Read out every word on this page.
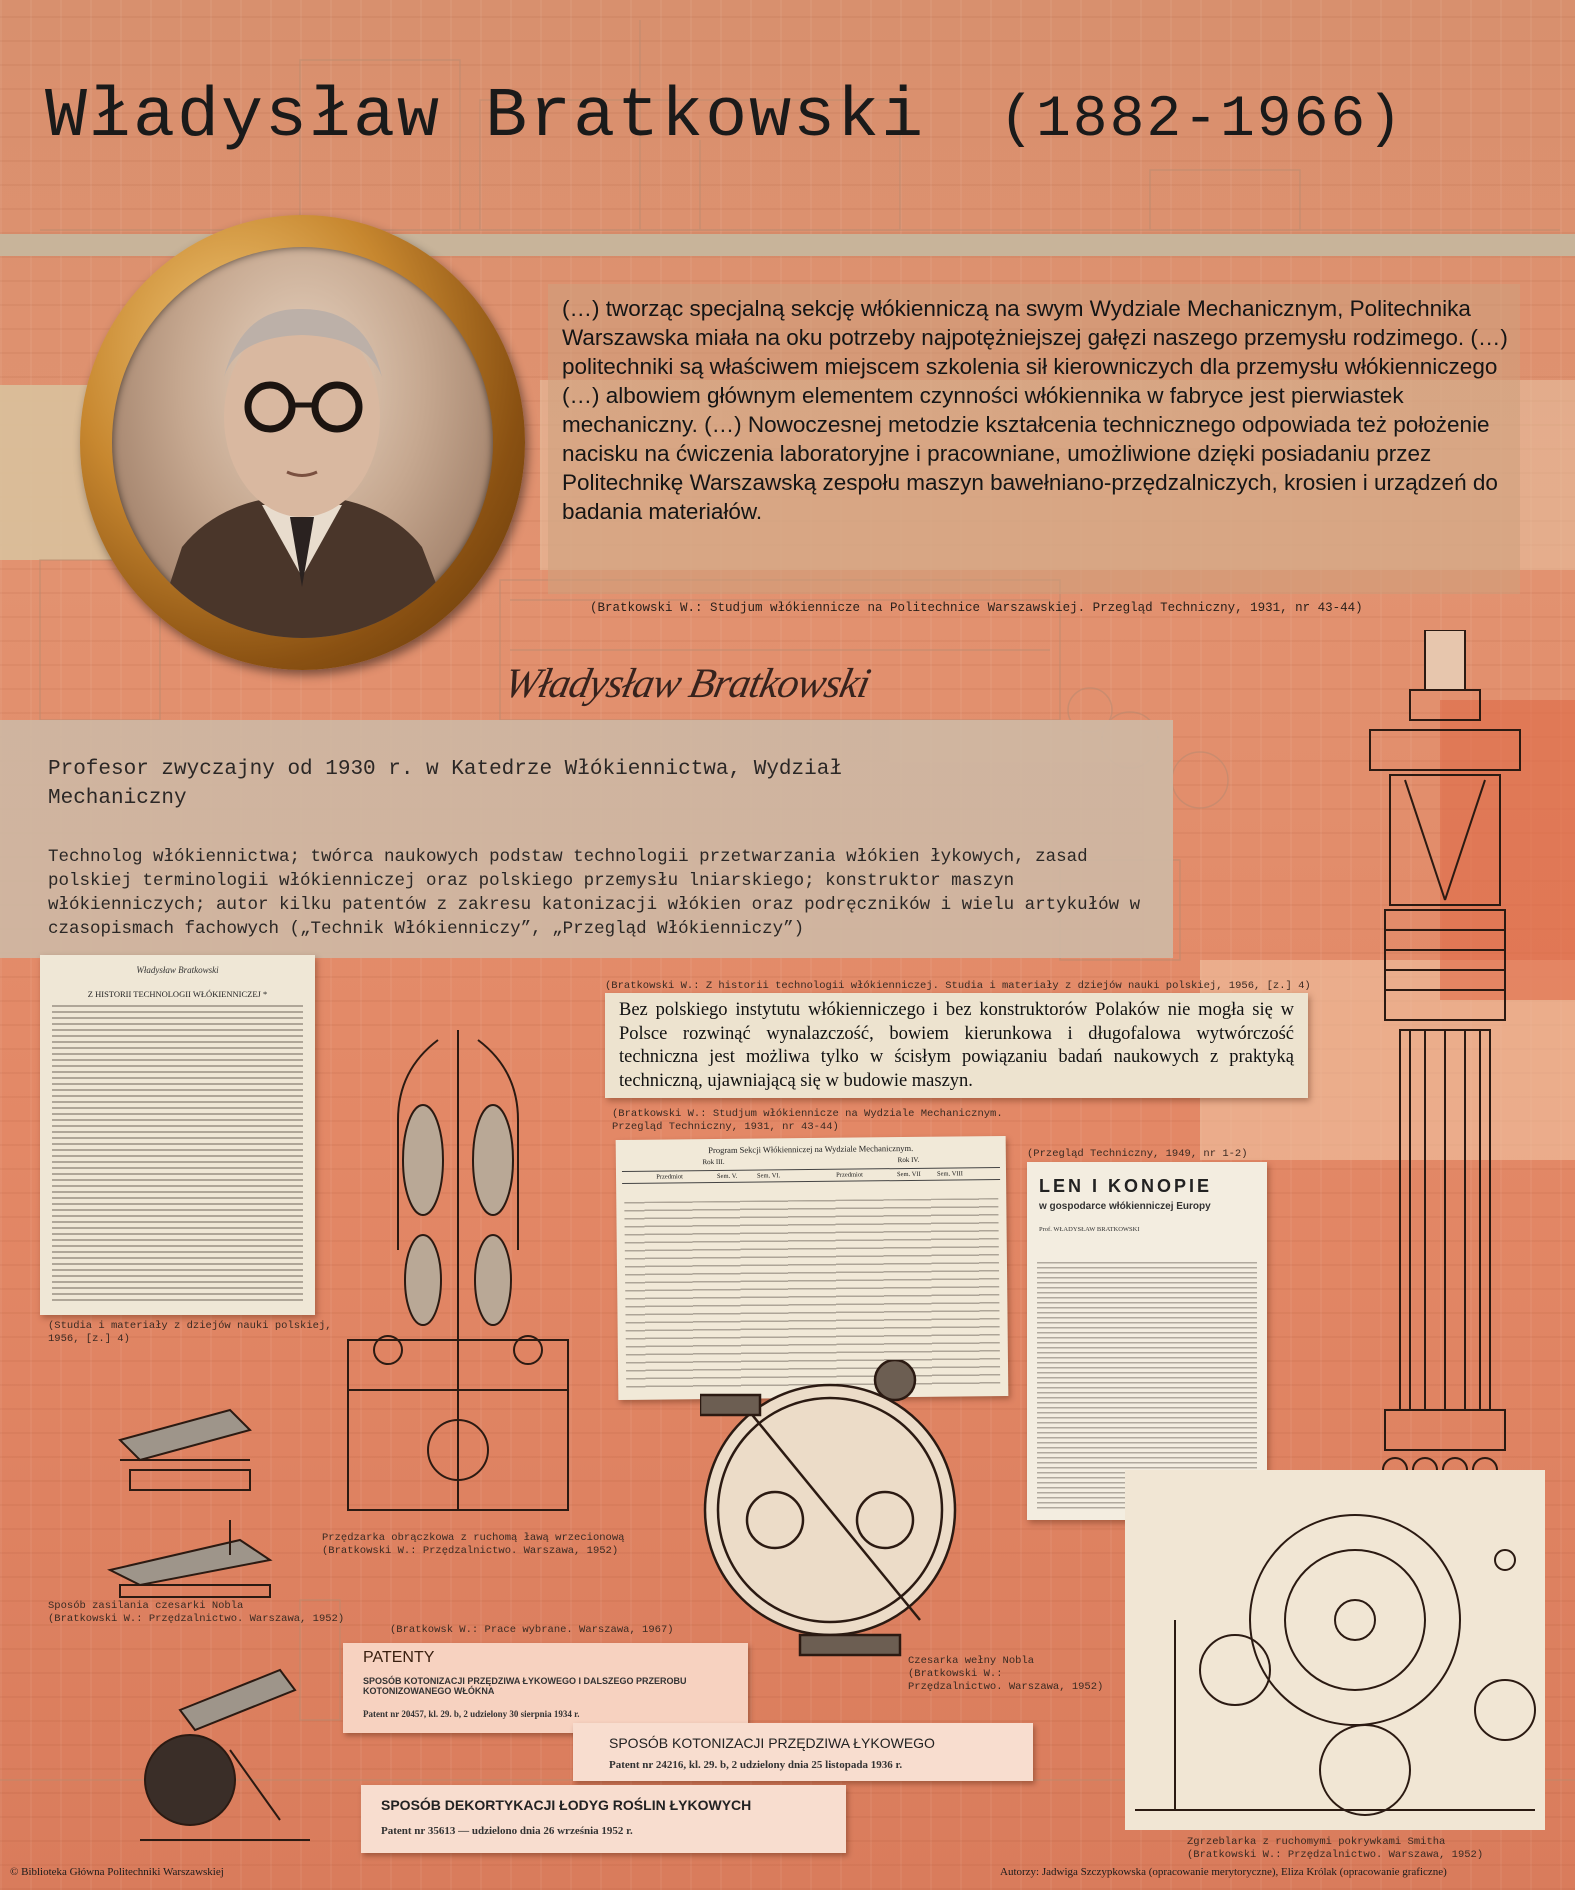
Władysław Bratkowski (1882-1966)
(…) tworząc specjalną sekcję włókienniczą na swym Wydziale Mechanicznym, Politechnika Warszawska miała na oku potrzeby najpotężniejszej gałęzi naszego przemysłu rodzimego. (…) politechniki są właściwem miejscem szkolenia sił kierowniczych dla przemysłu włókienniczego (…) albowiem głównym elementem czynności włókiennika w fabryce jest pierwiastek mechaniczny. (…) Nowoczesnej metodzie kształcenia technicznego odpowiada też położenie nacisku na ćwiczenia laboratoryjne i pracowniane, umożliwione dzięki posiadaniu przez Politechnikę Warszawską zespołu maszyn bawełniano-przędzalniczych, krosien i urządzeń do badania materiałów.
(Bratkowski W.: Studjum włókiennicze na Politechnice Warszawskiej. Przegląd Techniczny, 1931, nr 43-44)
Władysław Bratkowski
Profesor zwyczajny od 1930 r. w Katedrze Włókiennictwa, Wydział Mechaniczny
Technolog włókiennictwa; twórca naukowych podstaw technologii przetwarzania włókien łykowych, zasad polskiej terminologii włókienniczej oraz polskiego przemysłu lniarskiego; konstruktor maszyn włókienniczych; autor kilku patentów z zakresu katonizacji włókien oraz podręczników i wielu artykułów w czasopismach fachowych („Technik Włókienniczy”, „Przegląd Włókienniczy”)
Władysław Bratkowski
Z HISTORII TECHNOLOGII WŁÓKIENNICZEJ *
(Studia i materiały z dziejów nauki polskiej,
1956, [z.] 4)
(Bratkowski W.: Z historii technologii włókienniczej. Studia i materiały z dziejów nauki polskiej, 1956, [z.] 4)
Bez polskiego instytutu włókienniczego i bez konstruktorów Polaków nie mogła się w Polsce rozwinąć wynalazczość, bowiem kierunkowa i długofalowa wytwórczość techniczna jest możliwa tylko w ścisłym powiązaniu badań naukowych z praktyką techniczną, ujawniającą się w budowie maszyn.
(Bratkowski W.: Studjum włókiennicze na Wydziale Mechanicznym.
Przegląd Techniczny, 1931, nr 43-44)
Program Sekcji Włókienniczej na Wydziale Mechanicznym.
Rok III.	Rok IV.
Przedmiot	Sem. V.	Sem. VI.	Przedmiot	Sem. VII	Sem. VIII
(Przegląd Techniczny, 1949, nr 1-2)
LEN I KONOPIE
w gospodarce włókienniczej Europy
Prof. WŁADYSŁAW BRATKOWSKI
Przędzarka obrączkowa z ruchomą ławą wrzecionową
(Bratkowski W.: Przędzalnictwo. Warszawa, 1952)
Sposób zasilania czesarki Nobla
(Bratkowski W.: Przędzalnictwo. Warszawa, 1952)
(Bratkowsk W.: Prace wybrane. Warszawa, 1967)
Czesarka wełny Nobla
(Bratkowski W.:
Przędzalnictwo. Warszawa, 1952)
Zgrzeblarka z ruchomymi pokrywkami Smitha
(Bratkowski W.: Przędzalnictwo. Warszawa, 1952)
PATENTY
SPOSÓB KOTONIZACJI PRZĘDZIWA ŁYKOWEGO I DALSZEGO PRZEROBU KOTONIZOWANEGO WŁÓKNA
Patent nr 20457, kl. 29. b, 2 udzielony 30 sierpnia 1934 r.
SPOSÓB KOTONIZACJI PRZĘDZIWA ŁYKOWEGO
Patent nr 24216, kl. 29. b, 2 udzielony dnia 25 listopada 1936 r.
SPOSÓB DEKORTYKACJI ŁODYG ROŚLIN ŁYKOWYCH
Patent nr 35613 — udzielono dnia 26 września 1952 r.
© Biblioteka Główna Politechniki Warszawskiej	Autorzy: Jadwiga Szczypkowska (opracowanie merytoryczne), Eliza Królak (opracowanie graficzne)
